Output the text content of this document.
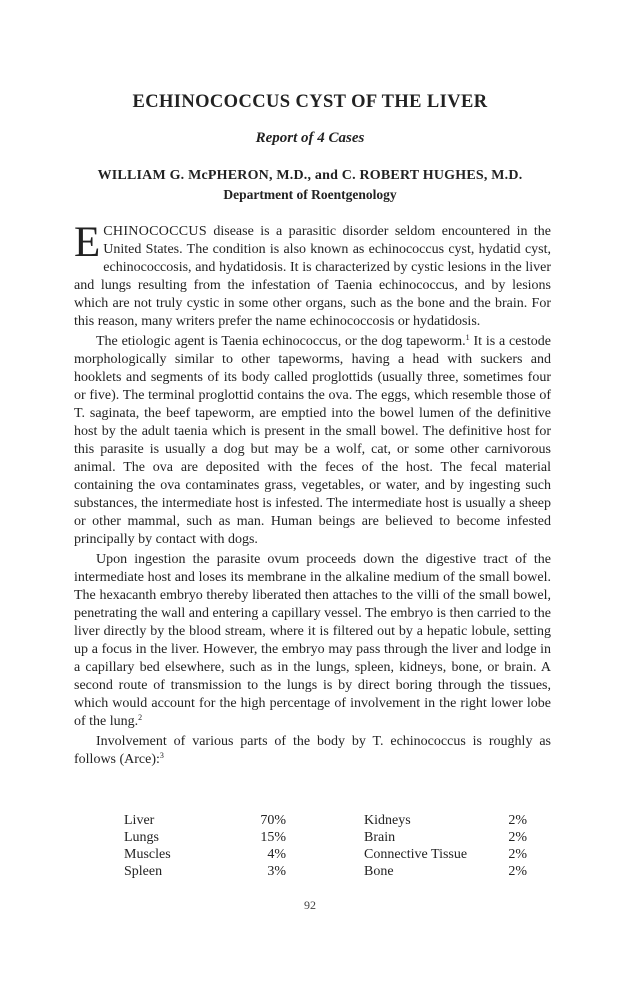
ECHINOCOCCUS CYST OF THE LIVER
Report of 4 Cases
WILLIAM G. McPHERON, M.D., and C. ROBERT HUGHES, M.D.
Department of Roentgenology

ECHINOCOCCUS disease is a parasitic disorder seldom encountered in the United States. The condition is also known as echinococcus cyst, hydatid cyst, echinococcosis, and hydatidosis. It is characterized by cystic lesions in the liver and lungs resulting from the infestation of Taenia echinococcus, and by lesions which are not truly cystic in some other organs, such as the bone and the brain. For this reason, many writers prefer the name echinococcosis or hydatidosis.

The etiologic agent is Taenia echinococcus, or the dog tapeworm.$^1$ It is a cestode morphologically similar to other tapeworms, having a head with suckers and hooklets and segments of its body called proglottids (usually three, sometimes four or five). The terminal proglottid contains the ova. The eggs, which resemble those of T. saginata, the beef tapeworm, are emptied into the bowel lumen of the definitive host by the adult taenia which is present in the small bowel. The definitive host for this parasite is usually a dog but may be a wolf, cat, or some other carnivorous animal. The ova are deposited with the feces of the host. The fecal material containing the ova contaminates grass, vegetables, or water, and by ingesting such substances, the intermediate host is infested. The intermediate host is usually a sheep or other mammal, such as man. Human beings are believed to become infested principally by contact with dogs.

Upon ingestion the parasite ovum proceeds down the digestive tract of the intermediate host and loses its membrane in the alkaline medium of the small bowel. The hexacanth embryo thereby liberated then attaches to the villi of the small bowel, penetrating the wall and entering a capillary vessel. The embryo is then carried to the liver directly by the blood stream, where it is filtered out by a hepatic lobule, setting up a focus in the liver. However, the embryo may pass through the liver and lodge in a capillary bed elsewhere, such as in the lungs, spleen, kidneys, bone, or brain. A second route of transmission to the lungs is by direct boring through the tissues, which would account for the high percentage of involvement in the right lower lobe of the lung.$^2$

Involvement of various parts of the body by T. echinococcus is roughly as follows (Arce):$^3$

Liver	70%	Kidneys	2%
Lungs	15%	Brain	2%
Muscles	4%	Connective Tissue	2%
Spleen	3%	Bone	2%
92
